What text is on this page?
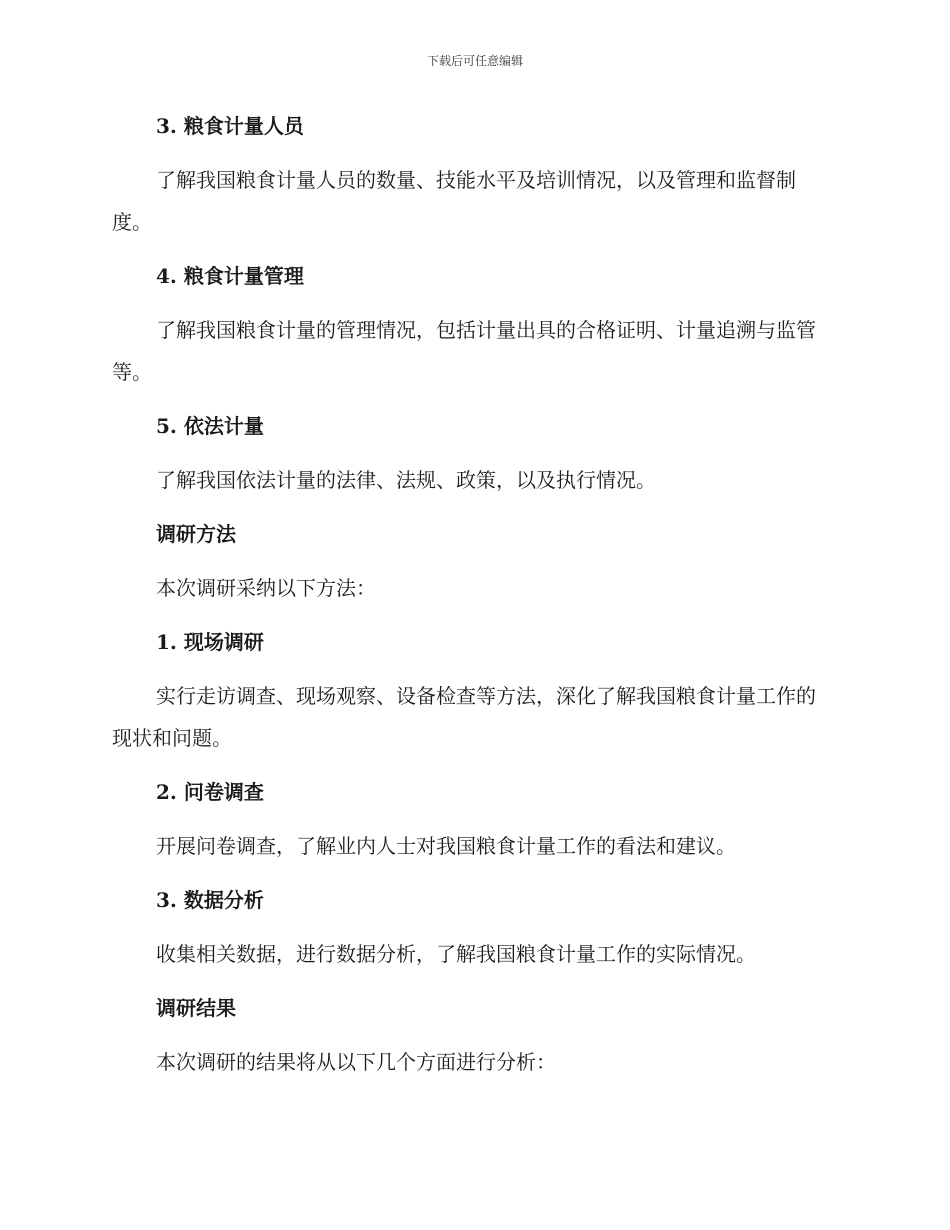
下载后可任意编辑
3. 粮食计量人员
了解我国粮食计量人员的数量、技能水平及培训情况，以及管理和监督制度。
4. 粮食计量管理
了解我国粮食计量的管理情况，包括计量出具的合格证明、计量追溯与监管等。
5. 依法计量
了解我国依法计量的法律、法规、政策，以及执行情况。
调研方法
本次调研采纳以下方法：
1. 现场调研
实行走访调查、现场观察、设备检查等方法，深化了解我国粮食计量工作的现状和问题。
2. 问卷调查
开展问卷调查，了解业内人士对我国粮食计量工作的看法和建议。
3. 数据分析
收集相关数据，进行数据分析，了解我国粮食计量工作的实际情况。
调研结果
本次调研的结果将从以下几个方面进行分析：
